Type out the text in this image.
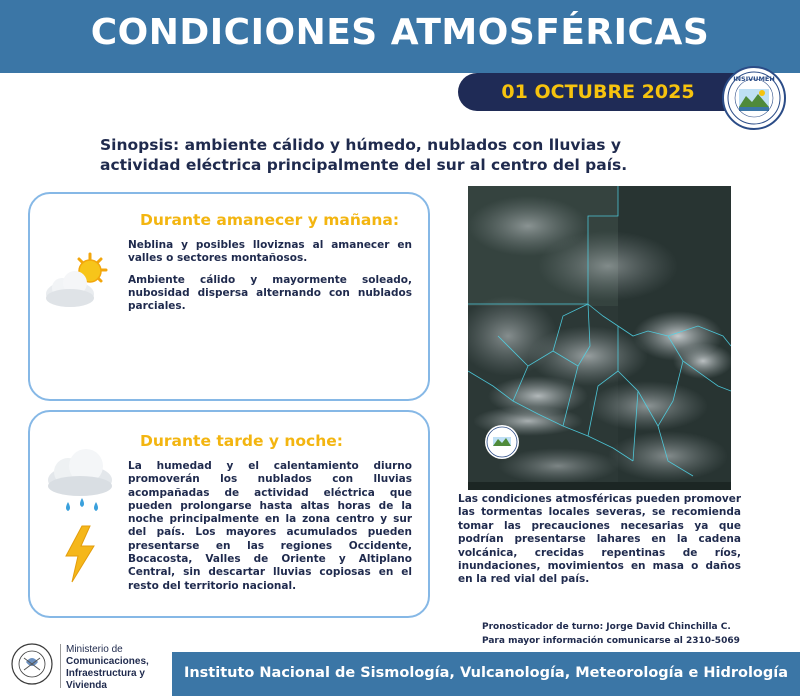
CONDICIONES ATMOSFÉRICAS
01 OCTUBRE 2025
INSIVUMEH
Sinopsis: ambiente cálido y húmedo, nublados con lluvias y actividad eléctrica principalmente del sur al centro del país.
Durante amanecer y mañana:

Neblina y posibles lloviznas al amanecer en valles o sectores montañosos.

Ambiente cálido y mayormente soleado, nubosidad dispersa alternando con nublados parciales.

Durante tarde y noche:

La humedad y el calentamiento diurno promoverán los nublados con lluvias acompañadas de actividad eléctrica que pueden prolongarse hasta altas horas de la noche principalmente en la zona centro y sur del país. Los mayores acumulados pueden presentarse en las regiones Occidente, Bocacosta, Valles de Oriente y Altiplano Central, sin descartar lluvias copiosas en el resto del territorio nacional.

Las condiciones atmosféricas pueden promover las tormentas locales severas, se recomienda tomar las precauciones necesarias ya que podrían presentarse lahares en la cadena volcánica, crecidas repentinas de ríos, inundaciones, movimientos en masa o daños en la red vial del país.
Pronosticador de turno: Jorge David Chinchilla C.
Para mayor información comunicarse al 2310-5069
Ministerio de
Comunicaciones,
Infraestructura y
Vivienda
Instituto Nacional de Sismología, Vulcanología, Meteorología e Hidrología
